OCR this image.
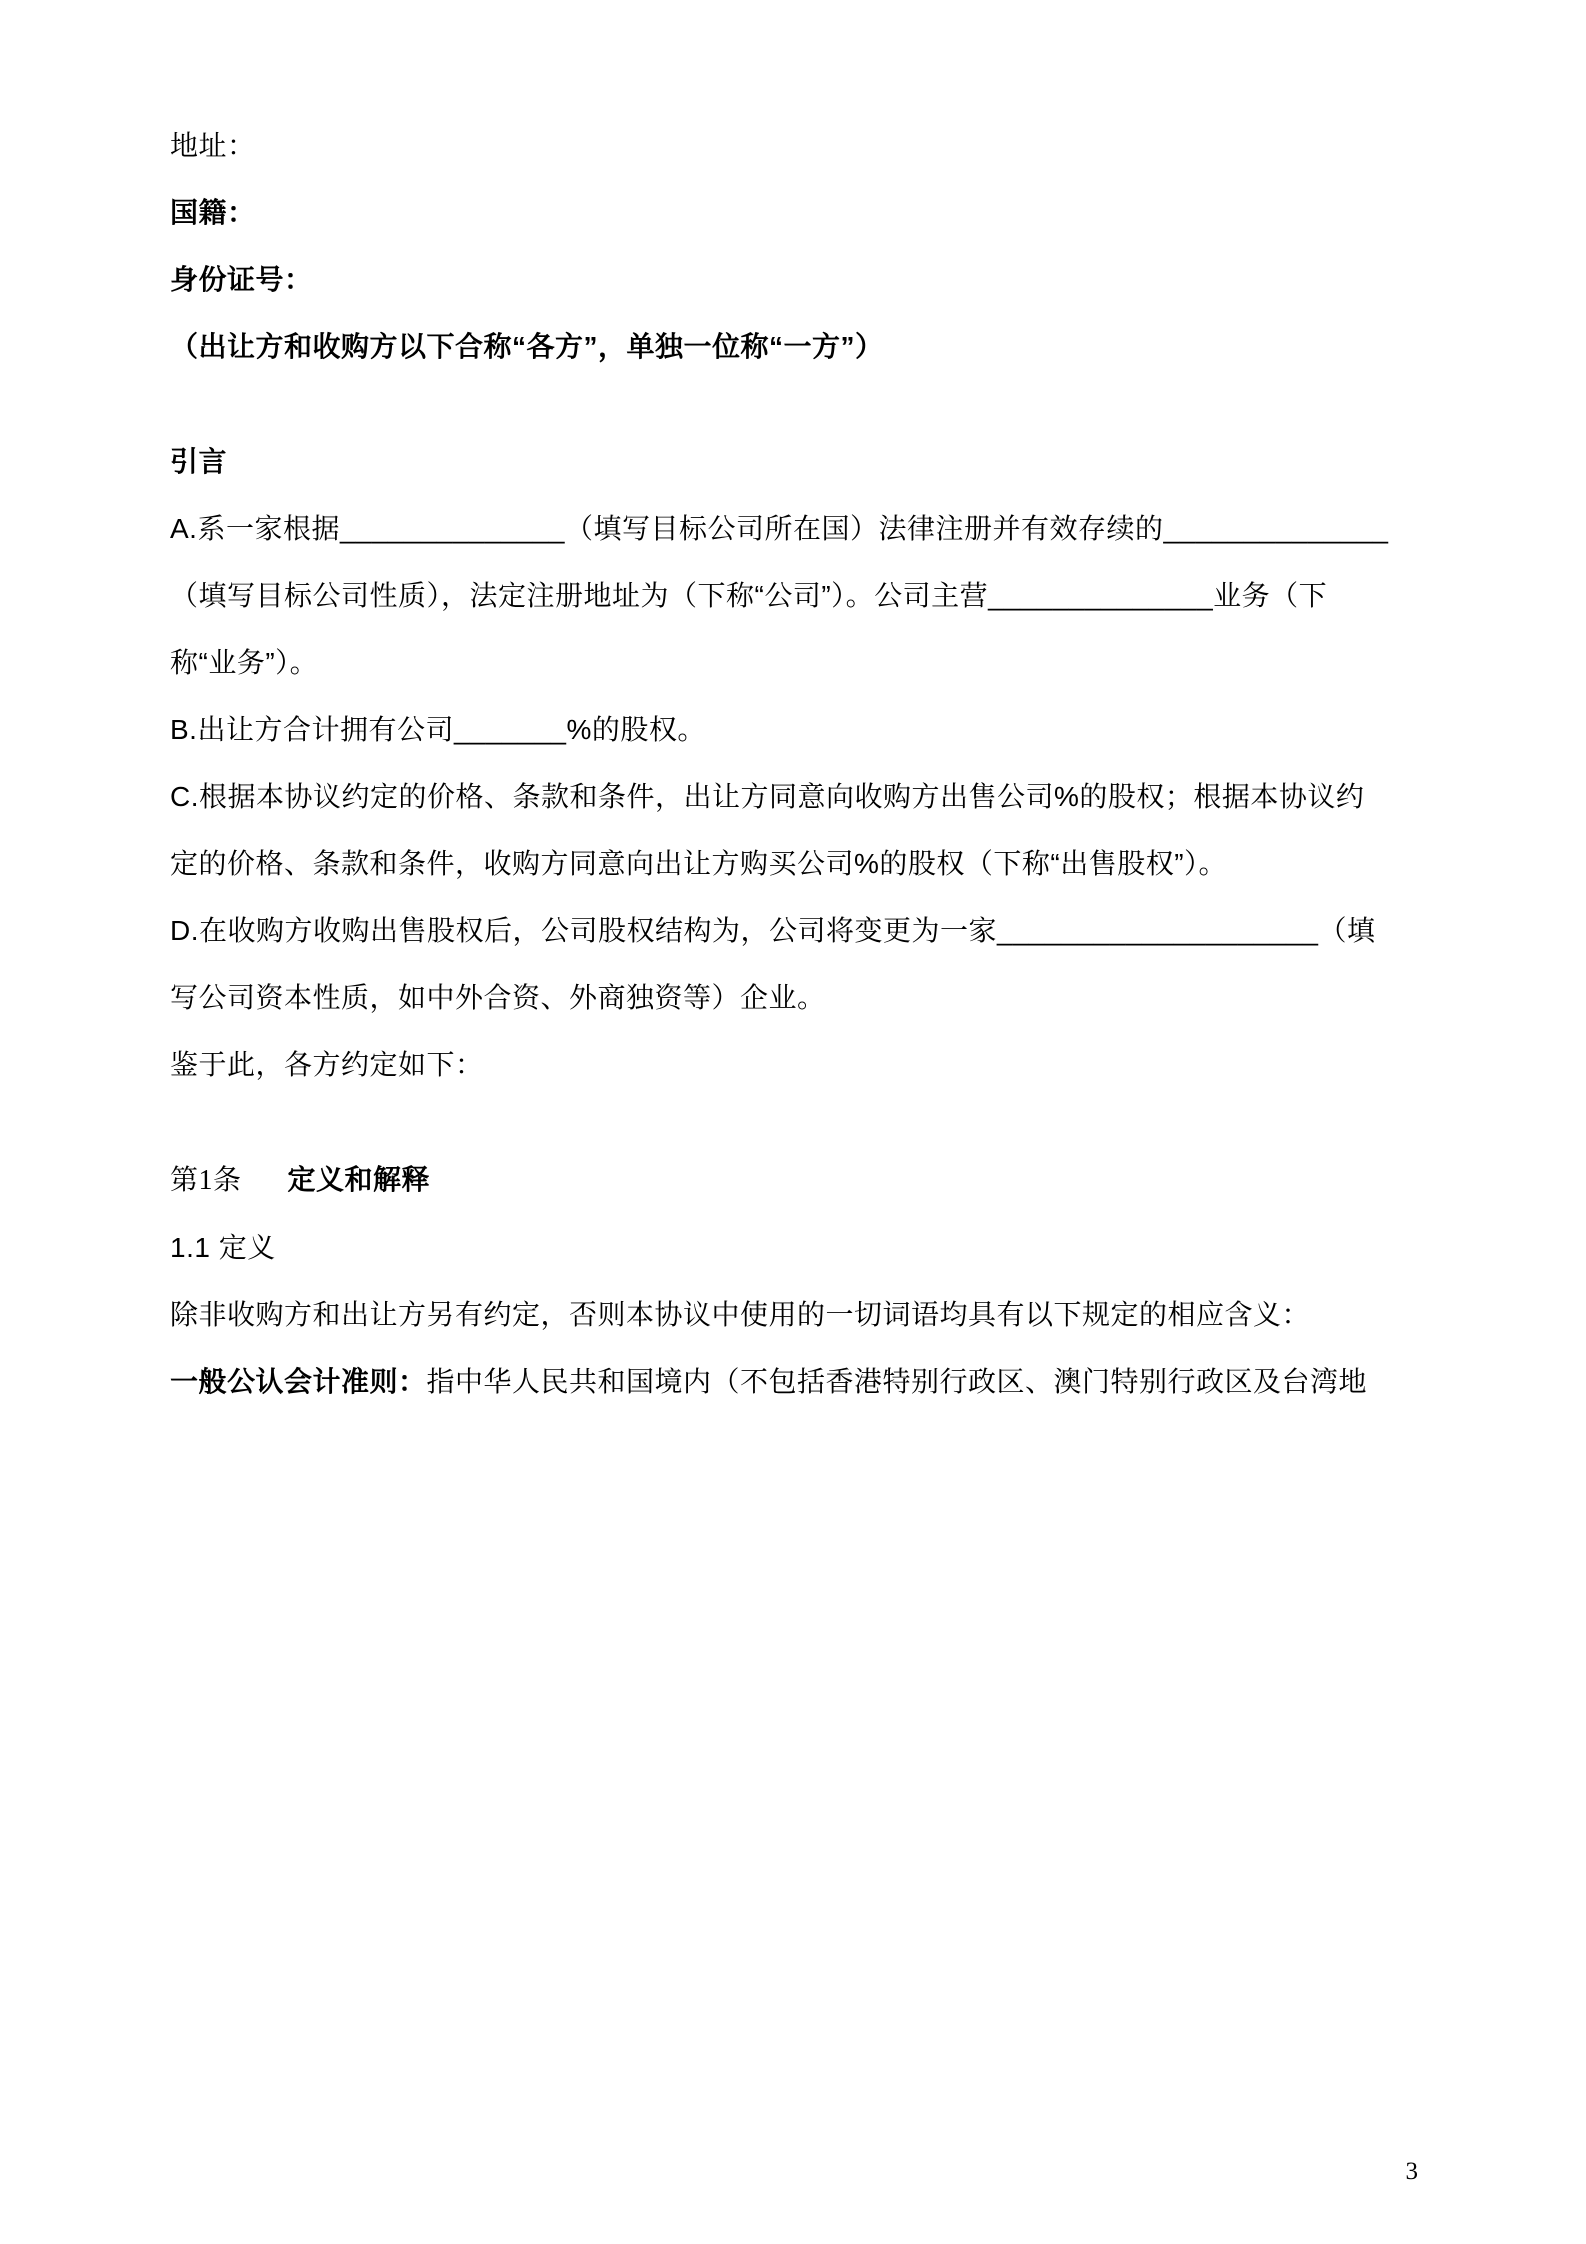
地址：

国籍：

身份证号：

（出让方和收购方以下合称“各方”，单独一位称“一方”）

引言

A.系一家根据______________（填写目标公司所在国）法律注册并有效存续的______________

（填写目标公司性质），法定注册地址为（下称“公司”）。公司主营______________业务（下

称“业务”）。

B.出让方合计拥有公司_______%的股权。

C.根据本协议约定的价格、条款和条件，出让方同意向收购方出售公司%的股权；根据本协议约

定的价格、条款和条件，收购方同意向出让方购买公司%的股权（下称“出售股权”）。

D.在收购方收购出售股权后，公司股权结构为，公司将变更为一家____________________（填

写公司资本性质，如中外合资、外商独资等）企业。

鉴于此，各方约定如下：

第1条 定义和解释

1.1 定义

除非收购方和出让方另有约定，否则本协议中使用的一切词语均具有以下规定的相应含义：

一般公认会计准则：指中华人民共和国境内（不包括香港特别行政区、澳门特别行政区及台湾地

3
